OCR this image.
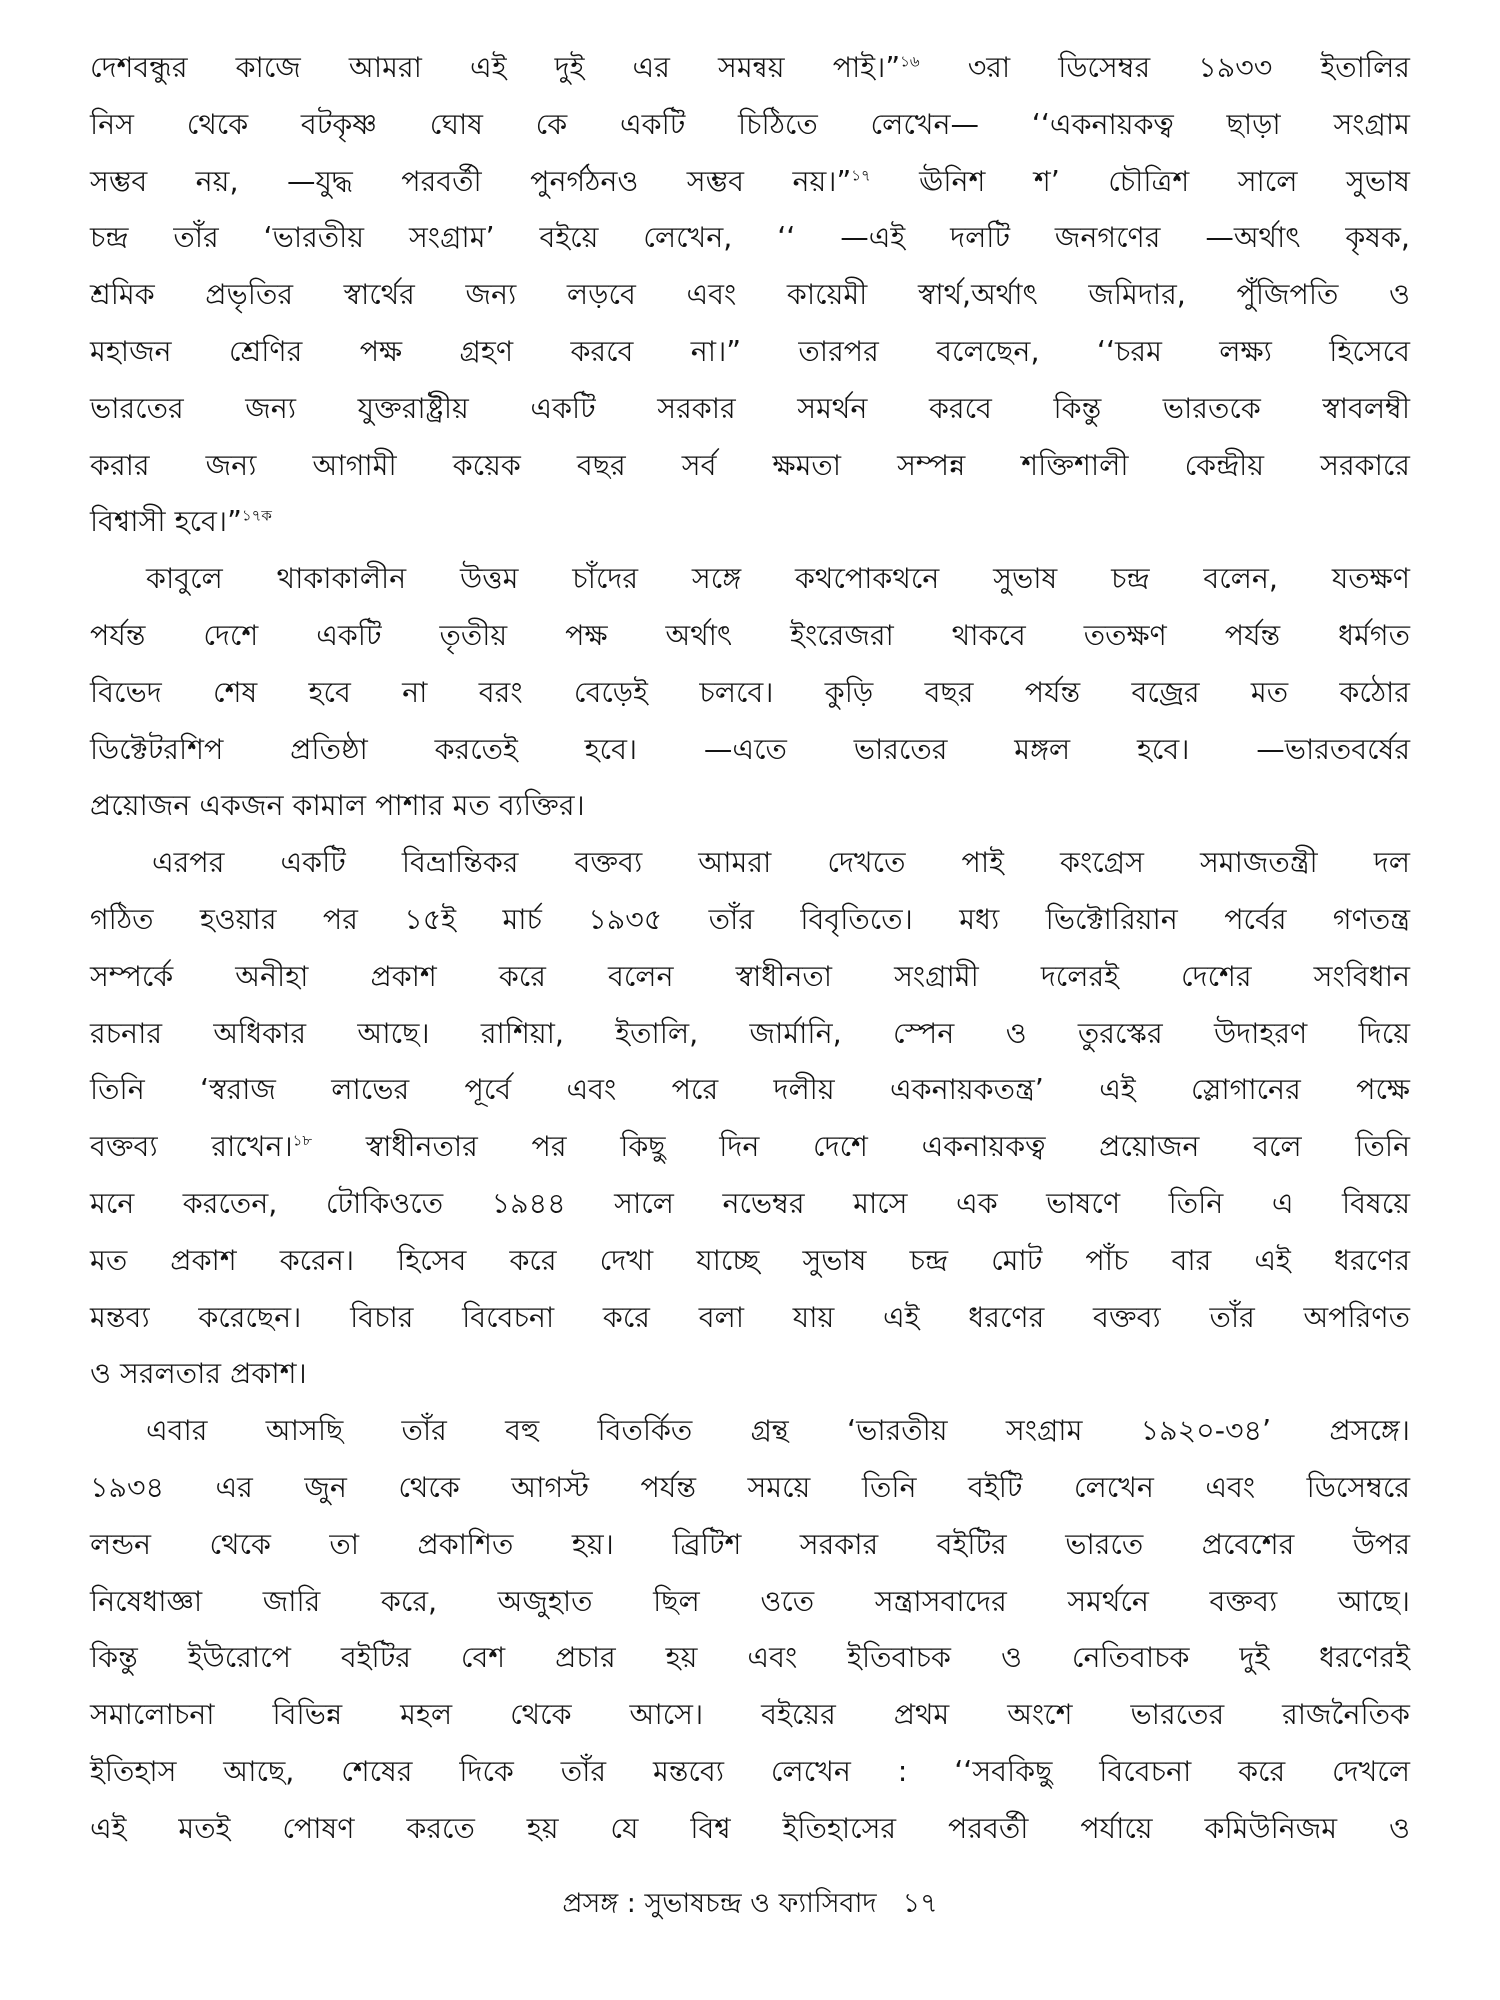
দেশবন্ধুর কাজে আমরা এই দুই এর সমন্বয় পাই।”$^{১৬}$ ৩রা ডিসেম্বর ১৯৩৩ ইতালির
নিস থেকে বটকৃষ্ণ ঘোষ কে একটি চিঠিতে লেখেন— ‘‘একনায়কত্ব ছাড়া সংগ্রাম
সম্ভব নয়, —যুদ্ধ পরবর্তী পুনর্গঠনও সম্ভব নয়।”$^{১৭}$ ঊনিশ শ’ চৌত্রিশ সালে সুভাষ
চন্দ্র তাঁর ‘ভারতীয় সংগ্রাম’ বইয়ে লেখেন, ‘‘ —এই দলটি জনগণের —অর্থাৎ কৃষক,
শ্রমিক প্রভৃতির স্বার্থের জন্য লড়বে এবং কায়েমী স্বার্থ,অর্থাৎ জমিদার, পুঁজিপতি ও
মহাজন শ্রেণির পক্ষ গ্রহণ করবে না।” তারপর বলেছেন, ‘‘চরম লক্ষ্য হিসেবে
ভারতের জন্য যুক্তরাষ্ট্রীয় একটি সরকার সমর্থন করবে কিন্তু ভারতকে স্বাবলম্বী
করার জন্য আগামী কয়েক বছর সর্ব ক্ষমতা সম্পন্ন শক্তিশালী কেন্দ্রীয় সরকারে
বিশ্বাসী হবে।”$^{১৭ক}$
কাবুলে থাকাকালীন উত্তম চাঁদের সঙ্গে কথপোকথনে সুভাষ চন্দ্র বলেন, যতক্ষণ
পর্যন্ত দেশে একটি তৃতীয় পক্ষ অর্থাৎ ইংরেজরা থাকবে ততক্ষণ পর্যন্ত ধর্মগত
বিভেদ শেষ হবে না বরং বেড়েই চলবে। কুড়ি বছর পর্যন্ত বজ্রের মত কঠোর
ডিক্টেটরশিপ প্রতিষ্ঠা করতেই হবে। —এতে ভারতের মঙ্গল হবে। —ভারতবর্ষের
প্রয়োজন একজন কামাল পাশার মত ব্যক্তির।
এরপর একটি বিভ্রান্তিকর বক্তব্য আমরা দেখতে পাই কংগ্রেস সমাজতন্ত্রী দল
গঠিত হওয়ার পর ১৫ই মার্চ ১৯৩৫ তাঁর বিবৃতিতে। মধ্য ভিক্টোরিয়ান পর্বের গণতন্ত্র
সম্পর্কে অনীহা প্রকাশ করে বলেন স্বাধীনতা সংগ্রামী দলেরই দেশের সংবিধান
রচনার অধিকার আছে। রাশিয়া, ইতালি, জার্মানি, স্পেন ও তুরস্কের উদাহরণ দিয়ে
তিনি ‘স্বরাজ লাভের পূর্বে এবং পরে দলীয় একনায়কতন্ত্র’ এই স্লোগানের পক্ষে
বক্তব্য রাখেন।$^{১৮}$ স্বাধীনতার পর কিছু দিন দেশে একনায়কত্ব প্রয়োজন বলে তিনি
মনে করতেন, টোকিওতে ১৯৪৪ সালে নভেম্বর মাসে এক ভাষণে তিনি এ বিষয়ে
মত প্রকাশ করেন। হিসেব করে দেখা যাচ্ছে সুভাষ চন্দ্র মোট পাঁচ বার এই ধরণের
মন্তব্য করেছেন। বিচার বিবেচনা করে বলা যায় এই ধরণের বক্তব্য তাঁর অপরিণত
ও সরলতার প্রকাশ।
এবার আসছি তাঁর বহু বিতর্কিত গ্রন্থ ‘ভারতীয় সংগ্রাম ১৯২০-৩৪’ প্রসঙ্গে।
১৯৩৪ এর জুন থেকে আগস্ট পর্যন্ত সময়ে তিনি বইটি লেখেন এবং ডিসেম্বরে
লন্ডন থেকে তা প্রকাশিত হয়। ব্রিটিশ সরকার বইটির ভারতে প্রবেশের উপর
নিষেধাজ্ঞা জারি করে, অজুহাত ছিল ওতে সন্ত্রাসবাদের সমর্থনে বক্তব্য আছে।
কিন্তু ইউরোপে বইটির বেশ প্রচার হয় এবং ইতিবাচক ও নেতিবাচক দুই ধরণেরই
সমালোচনা বিভিন্ন মহল থেকে আসে। বইয়ের প্রথম অংশে ভারতের রাজনৈতিক
ইতিহাস আছে, শেষের দিকে তাঁর মন্তব্যে লেখেন : ‘‘সবকিছু বিবেচনা করে দেখলে
এই মতই পোষণ করতে হয় যে বিশ্ব ইতিহাসের পরবর্তী পর্যায়ে কমিউনিজম ও
প্রসঙ্গ : সুভাষচন্দ্র ও ফ্যাসিবাদ ১৭
